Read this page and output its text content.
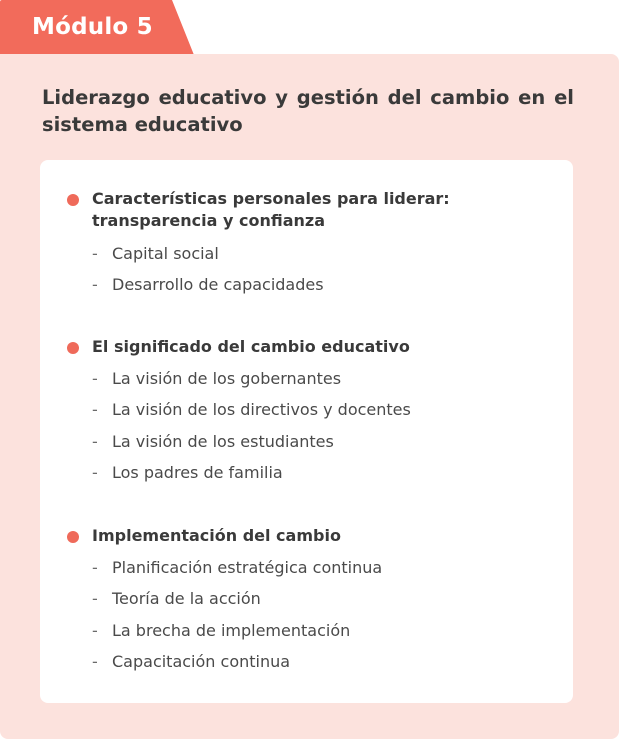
Módulo 5
Liderazgo educativo y gestión del cambio en el sistema educativo
Características personales para liderar: transparencia y confianza
- Capital social
- Desarrollo de capacidades
El significado del cambio educativo
- La visión de los gobernantes
- La visión de los directivos y docentes
- La visión de los estudiantes
- Los padres de familia
Implementación del cambio
- Planificación estratégica continua
- Teoría de la acción
- La brecha de implementación
- Capacitación continua
